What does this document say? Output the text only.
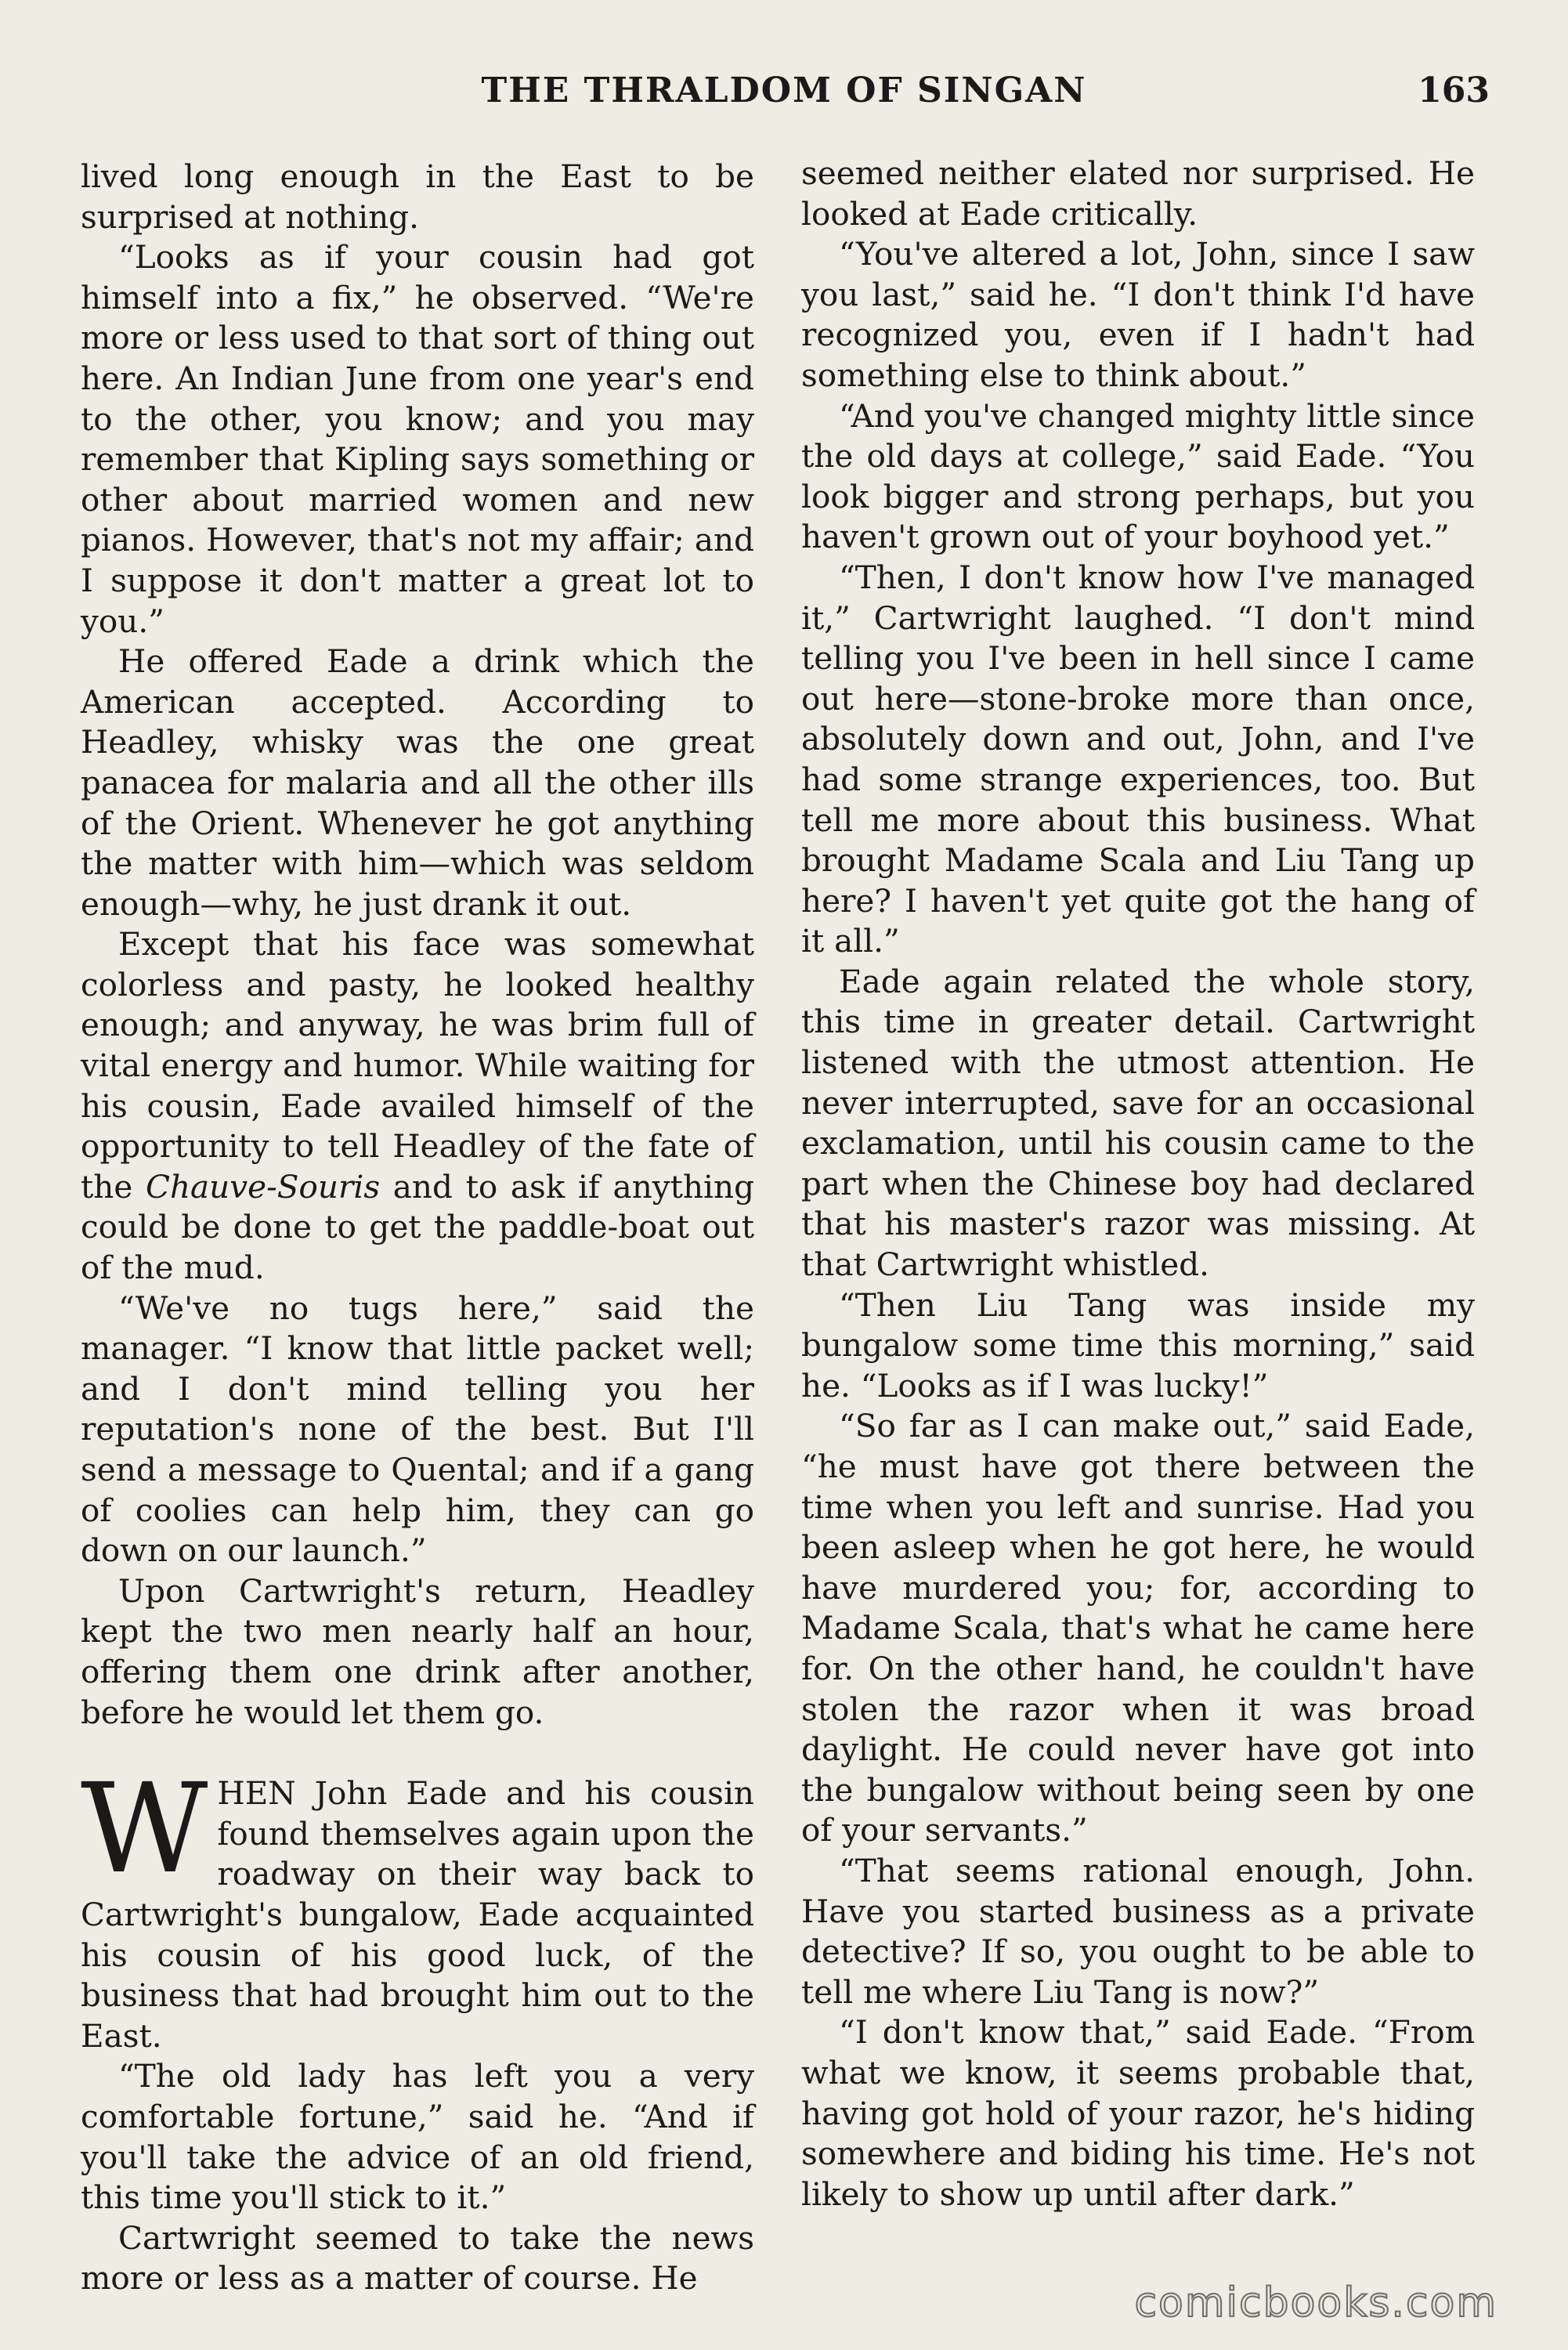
THE THRALDOM OF SINGAN	163

lived long enough in the East to be surprised at nothing.

“Looks as if your cousin had got himself into a fix,” he observed. “We're more or less used to that sort of thing out here. An Indian June from one year's end to the other, you know; and you may remember that Kipling says something or other about married women and new pianos. However, that's not my affair; and I suppose it don't matter a great lot to you.”

He offered Eade a drink which the American accepted. According to Headley, whisky was the one great panacea for malaria and all the other ills of the Orient. Whenever he got anything the matter with him—which was seldom enough—why, he just drank it out.

Except that his face was somewhat colorless and pasty, he looked healthy enough; and anyway, he was brim full of vital energy and humor. While waiting for his cousin, Eade availed himself of the opportunity to tell Headley of the fate of the Chauve-Souris and to ask if anything could be done to get the paddle-boat out of the mud.

“We've no tugs here,” said the manager. “I know that little packet well; and I don't mind telling you her reputation's none of the best. But I'll send a message to Quental; and if a gang of coolies can help him, they can go down on our launch.”

Upon Cartwright's return, Headley kept the two men nearly half an hour, offering them one drink after another, before he would let them go.

WHEN John Eade and his cousin found themselves again upon the roadway on their way back to Cartwright's bungalow, Eade acquainted his cousin of his good luck, of the business that had brought him out to the East.

“The old lady has left you a very comfortable fortune,” said he. “And if you'll take the advice of an old friend, this time you'll stick to it.”

Cartwright seemed to take the news more or less as a matter of course. He

seemed neither elated nor surprised. He looked at Eade critically.

“You've altered a lot, John, since I saw you last,” said he. “I don't think I'd have recognized you, even if I hadn't had something else to think about.”

“And you've changed mighty little since the old days at college,” said Eade. “You look bigger and strong perhaps, but you haven't grown out of your boyhood yet.”

“Then, I don't know how I've managed it,” Cartwright laughed. “I don't mind telling you I've been in hell since I came out here—stone-broke more than once, absolutely down and out, John, and I've had some strange experiences, too. But tell me more about this business. What brought Madame Scala and Liu Tang up here? I haven't yet quite got the hang of it all.”

Eade again related the whole story, this time in greater detail. Cartwright listened with the utmost attention. He never interrupted, save for an occasional exclamation, until his cousin came to the part when the Chinese boy had declared that his master's razor was missing. At that Cartwright whistled.

“Then Liu Tang was inside my bungalow some time this morning,” said he. “Looks as if I was lucky!”

“So far as I can make out,” said Eade, “he must have got there between the time when you left and sunrise. Had you been asleep when he got here, he would have murdered you; for, according to Madame Scala, that's what he came here for. On the other hand, he couldn't have stolen the razor when it was broad daylight. He could never have got into the bungalow without being seen by one of your servants.”

“That seems rational enough, John. Have you started business as a private detective? If so, you ought to be able to tell me where Liu Tang is now?”

“I don't know that,” said Eade. “From what we know, it seems probable that, having got hold of your razor, he's hiding somewhere and biding his time. He's not likely to show up until after dark.”

comicbooks.com
